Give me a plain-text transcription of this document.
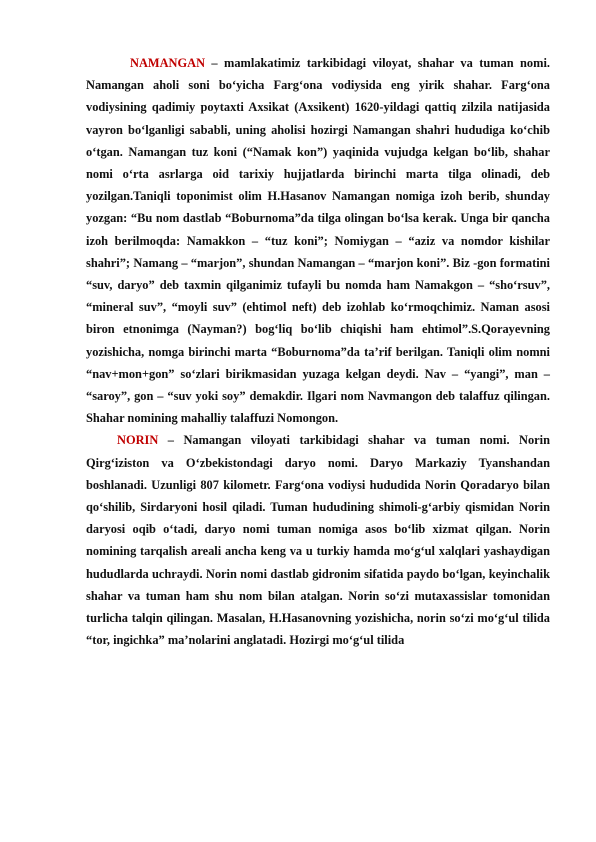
NAMANGAN – mamlakatimiz tarkibidagi viloyat, shahar va tuman nomi. Namangan aholi soni bo‘yicha Farg‘ona vodiysida eng yirik shahar. Farg‘ona vodiysining qadimiy poytaxti Axsikat (Axsikent) 1620-yildagi qattiq zilzila natijasida vayron bo‘lganligi sababli, uning aholisi hozirgi Namangan shahri hududiga ko‘chib o‘tgan. Namangan tuz koni (“Namak kon”) yaqinida vujudga kelgan bo‘lib, shahar nomi o‘rta asrlarga oid tarixiy hujjatlarda birinchi marta tilga olinadi, deb yozilgan.Taniqli toponimist olim H.Hasanov Namangan nomiga izoh berib, shunday yozgan: “Bu nom dastlab “Boburnoma”da tilga olingan bo‘lsa kerak. Unga bir qancha izoh berilmoqda: Namakkon – “tuz koni”; Nomiygan – “aziz va nomdor kishilar shahri”; Namang – “marjon”, shundan Namangan – “marjon koni”. Biz -gon formatini “suv, daryo” deb taxmin qilganimiz tufayli bu nomda ham Namakgon – “sho‘rsuv”, “mineral suv”, “moyli suv” (ehtimol neft) deb izohlab ko‘rmoqchimiz. Naman asosi biron etnonimga (Nayman?) bog‘liq bo‘lib chiqishi ham ehtimol”.S.Qorayevning yozishicha, nomga birinchi marta “Boburnoma”da ta’rif berilgan. Taniqli olim nomni “nav+mon+gon” so‘zlari birikmasidan yuzaga kelgan deydi. Nav – “yangi”, man – “saroy”, gon – “suv yoki soy” demakdir. Ilgari nom Navmangon deb talaffuz qilingan. Shahar nomining mahalliy talaffuzi Nomongon.

NORIN – Namangan viloyati tarkibidagi shahar va tuman nomi. Norin Qirg‘iziston va O‘zbekistondagi daryo nomi. Daryo Markaziy Tyanshandan boshlanadi. Uzunligi 807 kilometr. Farg‘ona vodiysi hududida Norin Qoradaryo bilan qo‘shilib, Sirdaryoni hosil qiladi. Tuman hududining shimoli-g‘arbiy qismidan Norin daryosi oqib o‘tadi, daryo nomi tuman nomiga asos bo‘lib xizmat qilgan. Norin nomining tarqalish areali ancha keng va u turkiy hamda mo‘g‘ul xalqlari yashaydigan hududlarda uchraydi. Norin nomi dastlab gidronim sifatida paydo bo‘lgan, keyinchalik shahar va tuman ham shu nom bilan atalgan. Norin so‘zi mutaxassislar tomonidan turlicha talqin qilingan. Masalan, H.Hasanovning yozishicha, norin so‘zi mo‘g‘ul tilida “tor, ingichka” ma’nolarini anglatadi. Hozirgi mo‘g‘ul tilida
